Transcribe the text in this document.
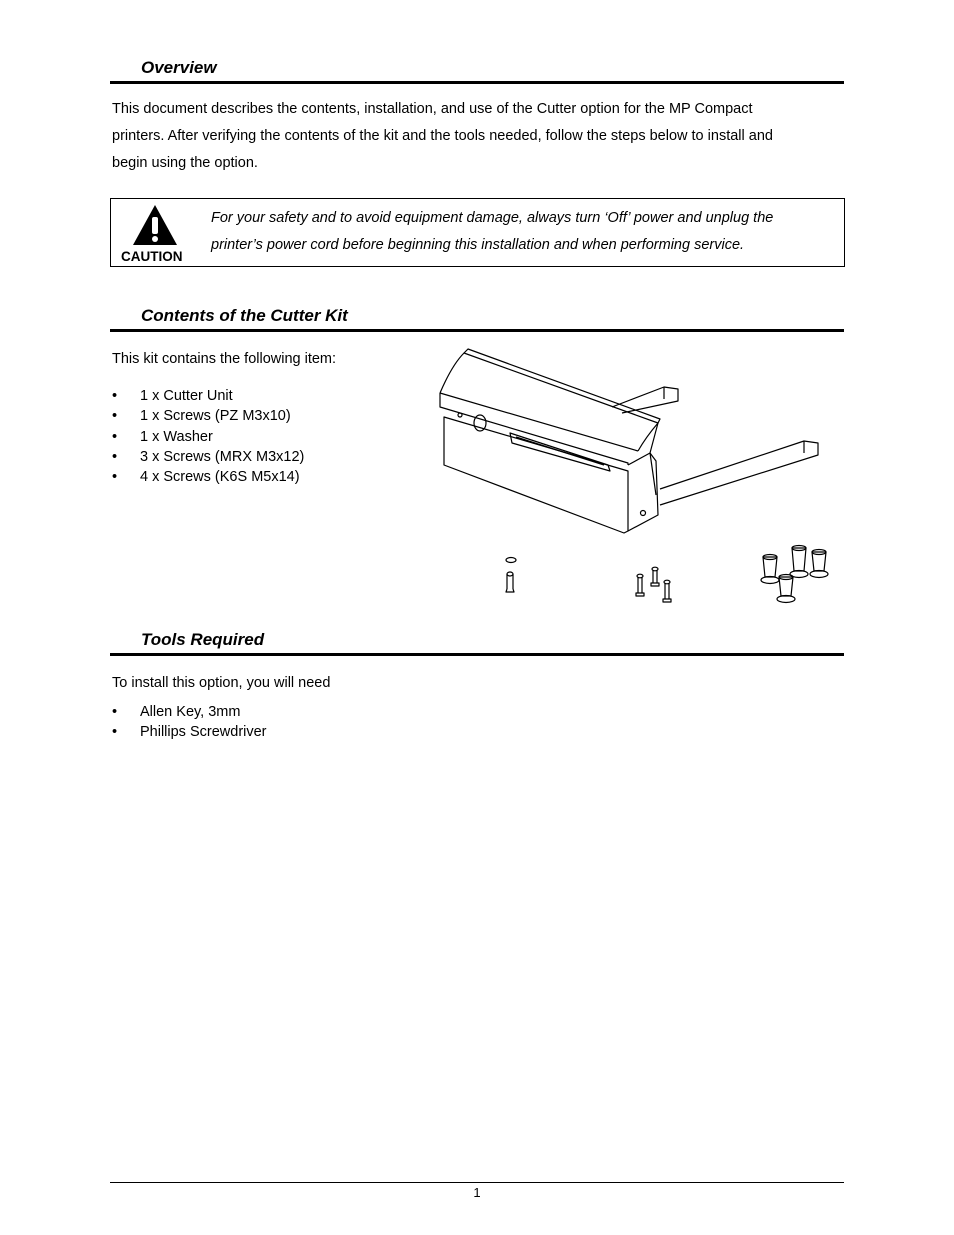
Overview
This document describes the contents, installation, and use of the Cutter option for the MP Compact
printers. After verifying the contents of the kit and the tools needed, follow the steps below to install and
begin using the option.
CAUTION
For your safety and to avoid equipment damage, always turn ‘Off’ power and unplug the
printer’s power cord before beginning this installation and when performing service.
Contents of the Cutter Kit
This kit contains the following item:
• 1 x Cutter Unit
• 1 x Screws (PZ M3x10)
• 1 x Washer
• 3 x Screws (MRX M3x12)
• 4 x Screws (K6S M5x14)
Tools Required
To install this option, you will need
• Allen Key, 3mm
• Phillips Screwdriver
1
